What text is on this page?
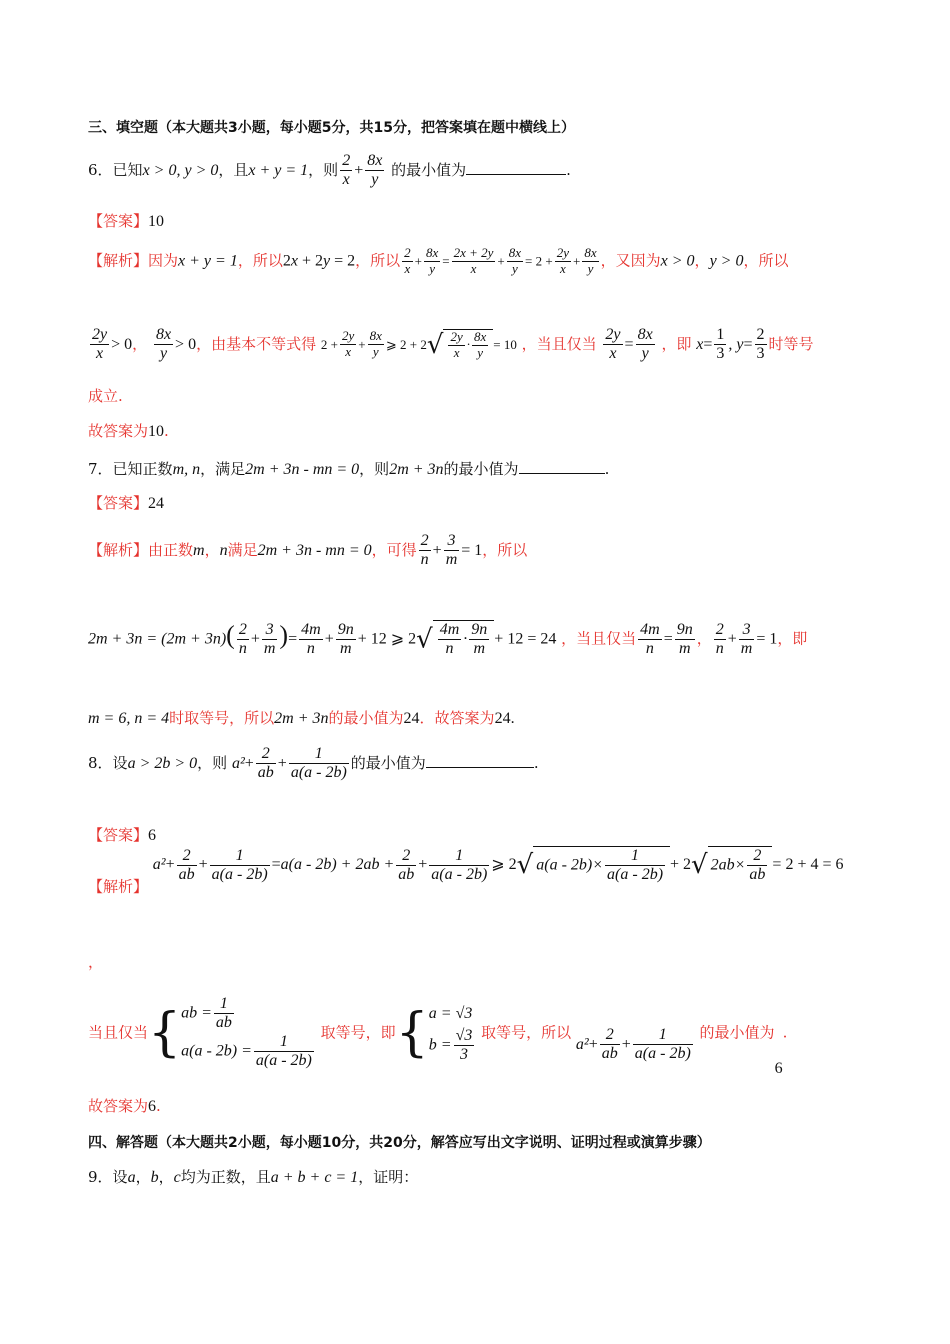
三、填空题（本大题共3小题，每小题5分，共15分，把答案填在题中横线上）
6．已知x > 0, y > 0，且x + y = 1，则 $\frac{2}{x} + \frac{8x}{y}$ 的最小值为	.
【答案】10
【解析】因为x + y = 1，所以2x + 2y = 2，所以 $\frac{2}{x} + \frac{8x}{y} = \frac{2x + 2y}{x} + \frac{8x}{y} = 2 + \frac{2y}{x} + \frac{8x}{y}$ ，又因为x > 0，y > 0，所以
$\frac{2y}{x} > 0$， $\frac{8x}{y} > 0$，由基本不等式得 $2 + \frac{2y}{x} + \frac{8x}{y}$ ⩾ $2 + 2√ \frac{2y}{x} \cdot \frac{8x}{y} = 10$ ，当且仅当 $\frac{2y}{x} = \frac{8x}{y}$ ，即 $x= \frac{1}{3}$ , $y= \frac{2}{3}$ 时等号
成立.
故答案为10.
7．已知正数m, n，满足2m + 3n - mn = 0，则2m + 3n的最小值为	.
【答案】24
【解析】由正数m，n满足2m + 3n - mn = 0，可得 $\frac{2}{n} + \frac{3}{m} = 1$，所以
$2m + 3n = (2m + 3n)( \frac{2}{n} + \frac{3}{m}$ )= $\frac{4m}{n} + \frac{9n}{m} + 12$ ⩾ $2√ \frac{4m}{n} \cdot \frac{9n}{m} + 12 = 24$ ，当且仅当 $\frac{4m}{n} = \frac{9n}{m}$ ， $\frac{2}{n} + \frac{3}{m} = 1$，即
m = 6, n = 4时取等号，所以2m + 3n的最小值为24．故答案为24.
8．设a > 2b > 0，则 $a^2+ \frac{2}{ab} + \frac{1}{a(a - 2b)}$ 的最小值为	.
【答案】6
【解析】 $a^2+ \frac{2}{ab} + \frac{1}{a(a - 2b)} =a(a - 2b) + 2ab + \frac{2}{ab} + \frac{1}{a(a - 2b)}$ ⩾ 2√ $a(a - 2b)\times \frac{1}{a(a - 2b)} + 2√$ $2ab\times \frac{2}{ab} = 2 + 4 = 6$
，
当且仅当{ ab = $\frac{1}{ab}$
$a(a - 2b) = \frac{1}{a(a - 2b)}$
取等号，即{ a = √3
$b = \frac{√3}{3}$ 取等号，所以 $a^2+ \frac{2}{ab} + \frac{1}{a(a - 2b)}$ 的最小值为6.
故答案为6.
四、解答题（本大题共2小题，每小题10分，共20分，解答应写出文字说明、证明过程或演算步骤）
9．设a，b，c均为正数，且a + b + c = 1，证明：
